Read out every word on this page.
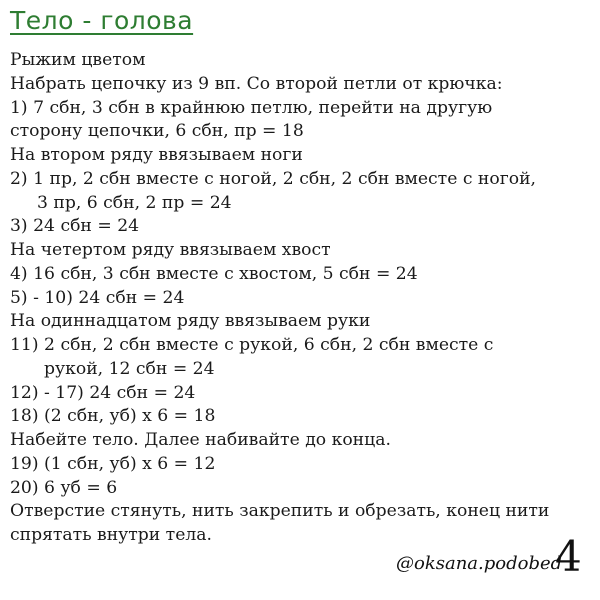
Тело - голова
Рыжим цветом
Набрать цепочку из 9 вп. Со второй петли от крючка:
1) 7 сбн, 3 сбн в крайнюю петлю, перейти на другую
сторону цепочки, 6 сбн, пр = 18
На втором ряду ввязываем ноги
2) 1 пр, 2 сбн вместе с ногой, 2 сбн, 2 сбн вместе с ногой,
3 пр, 6 сбн, 2 пр = 24
3) 24 сбн = 24
На четертом ряду ввязываем хвост
4) 16 сбн, 3 сбн вместе с хвостом, 5 сбн = 24
5) - 10) 24 сбн = 24
На одиннадцатом ряду ввязываем руки
11) 2 сбн, 2 сбн вместе с рукой, 6 сбн, 2 сбн вместе с
рукой, 12 сбн = 24
12) - 17) 24 сбн = 24
18) (2 сбн, уб) х 6 = 18
Набейте тело. Далее набивайте до конца.
19) (1 сбн, уб) х 6 = 12
20) 6 уб = 6
Отверстие стянуть, нить закрепить и обрезать, конец нити
спрятать внутри тела.
@oksana.podobed
4
